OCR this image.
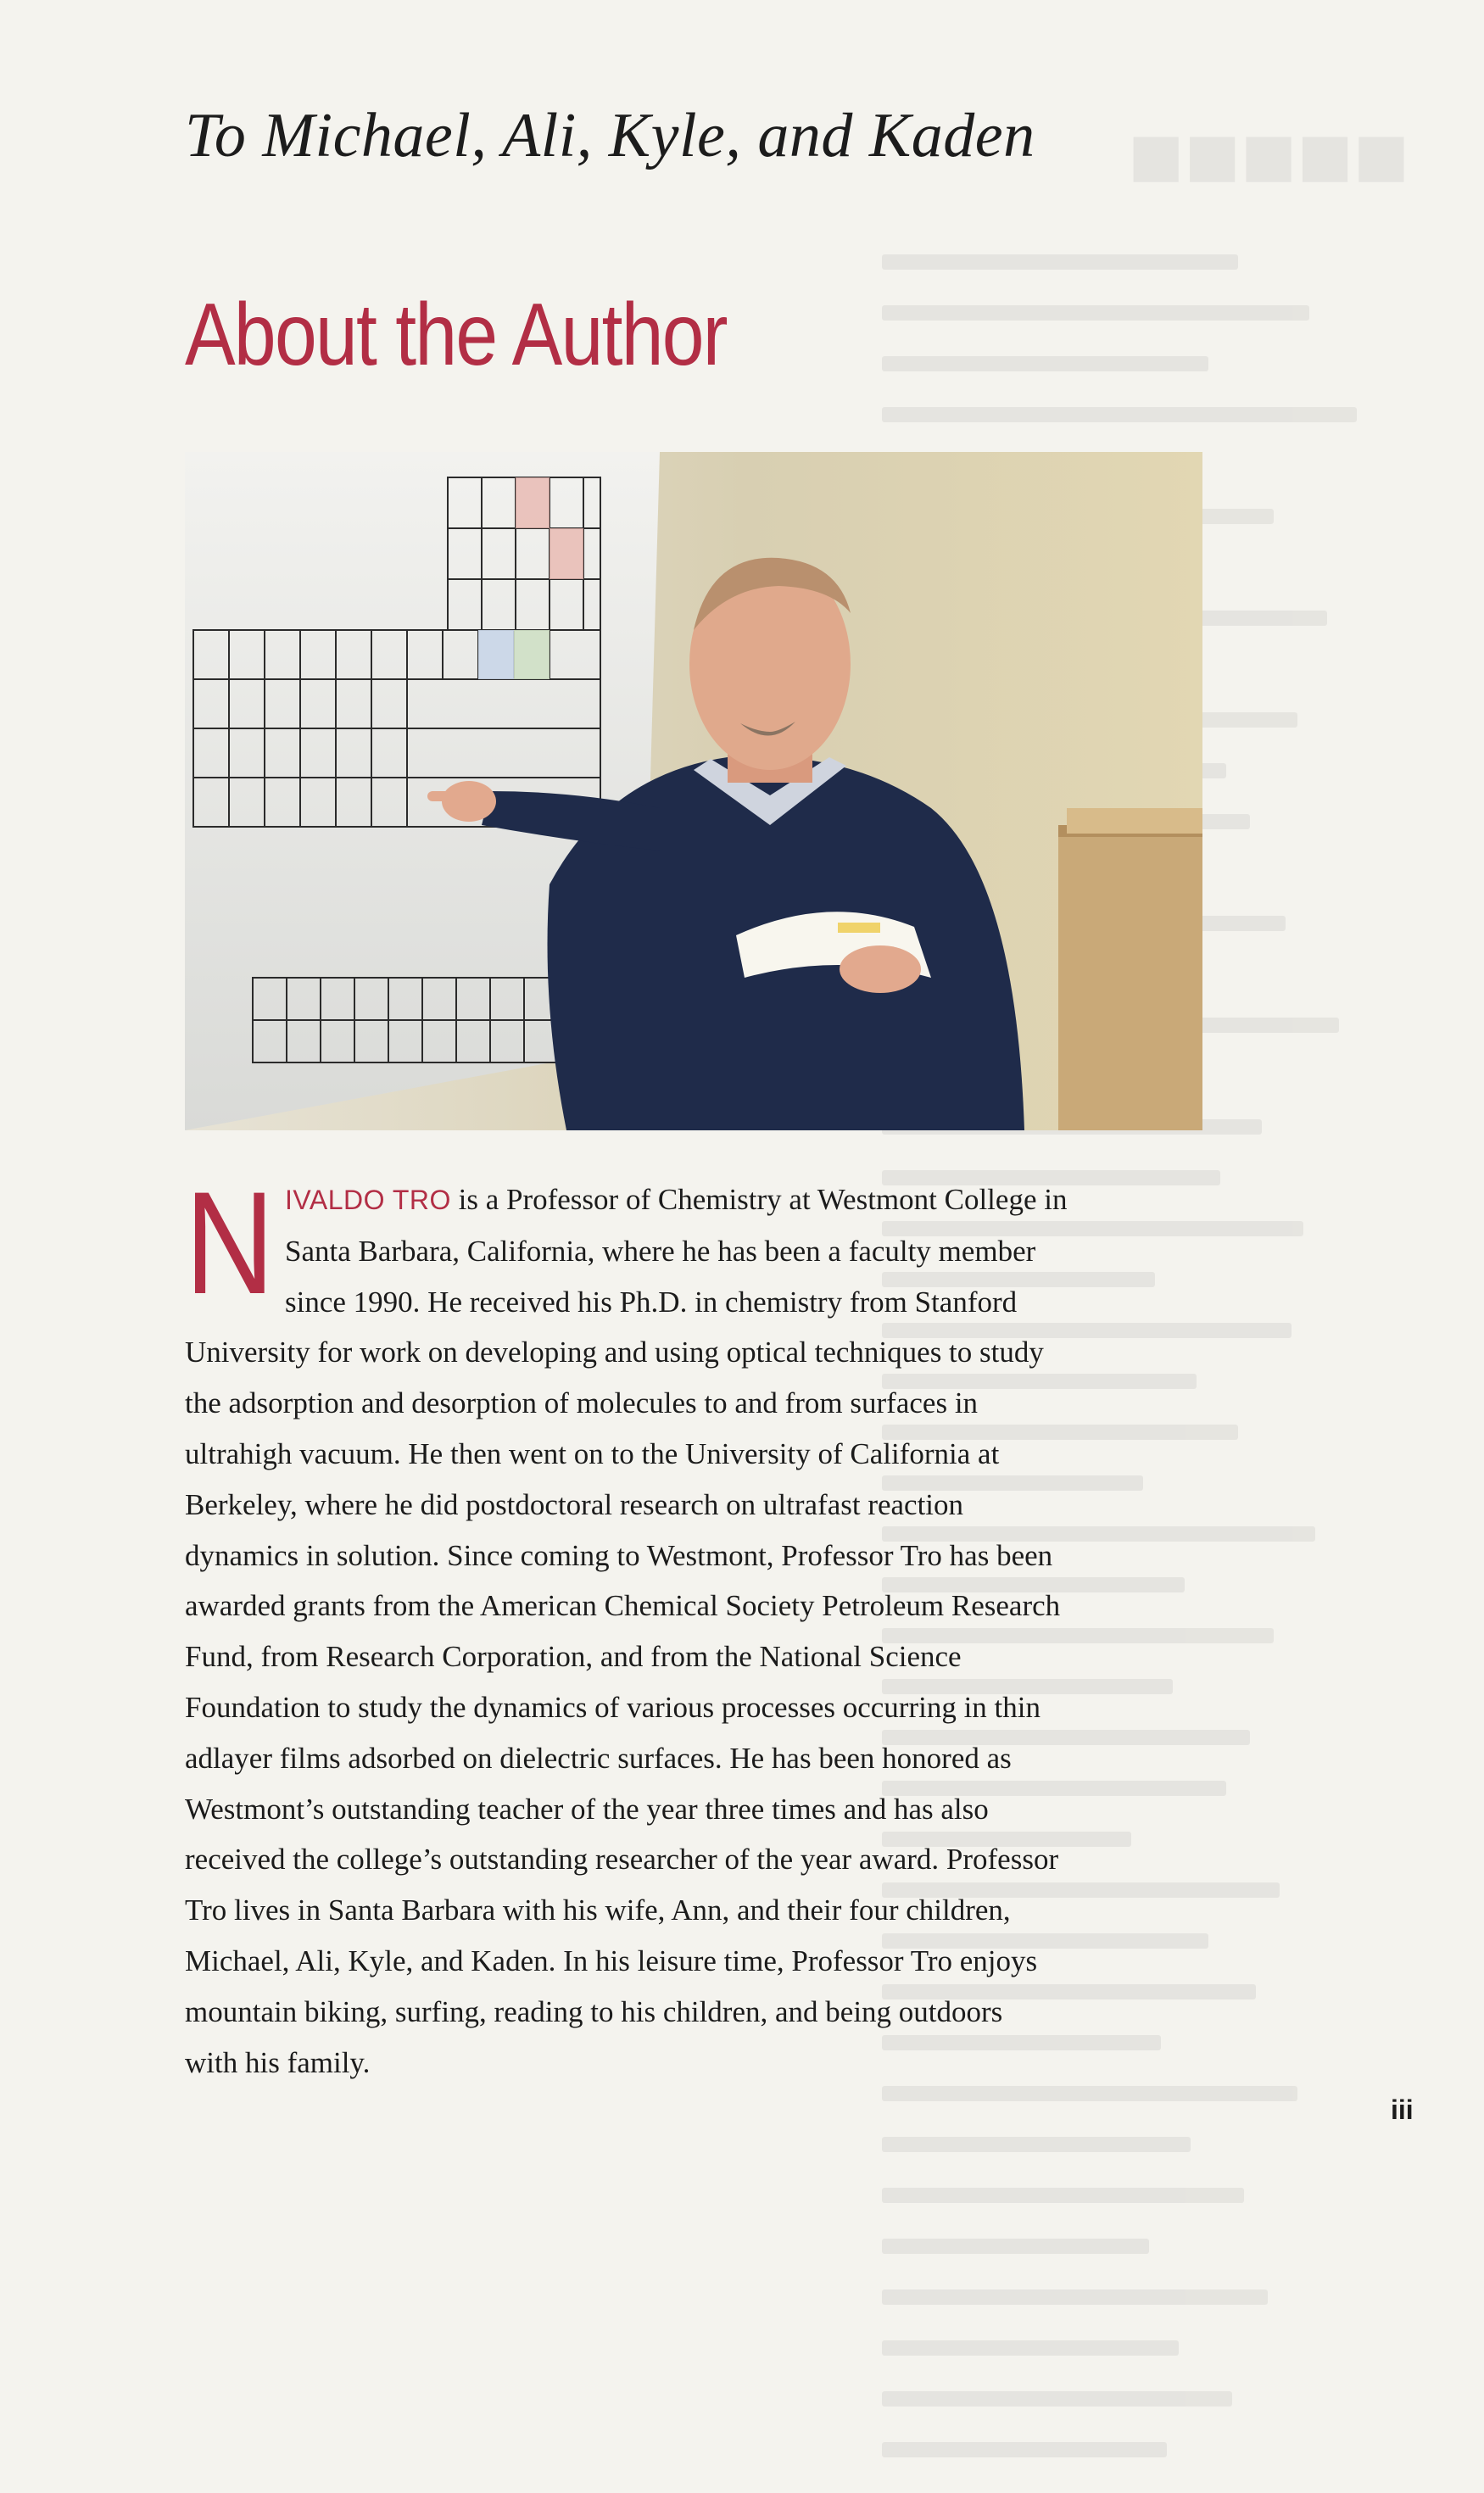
■■■■■
To Michael, Ali, Kyle, and Kaden
About the Author
N IVALDO TRO is a Professor of Chemistry at Westmont College in
Santa Barbara, California, where he has been a faculty member
since 1990. He received his Ph.D. in chemistry from Stanford
University for work on developing and using optical techniques to study
the adsorption and desorption of molecules to and from surfaces in
ultrahigh vacuum. He then went on to the University of California at
Berkeley, where he did postdoctoral research on ultrafast reaction
dynamics in solution. Since coming to Westmont, Professor Tro has been
awarded grants from the American Chemical Society Petroleum Research
Fund, from Research Corporation, and from the National Science
Foundation to study the dynamics of various processes occurring in thin
adlayer films adsorbed on dielectric surfaces. He has been honored as
Westmont’s outstanding teacher of the year three times and has also
received the college’s outstanding researcher of the year award. Professor
Tro lives in Santa Barbara with his wife, Ann, and their four children,
Michael, Ali, Kyle, and Kaden. In his leisure time, Professor Tro enjoys
mountain biking, surfing, reading to his children, and being outdoors
with his family.
iii
